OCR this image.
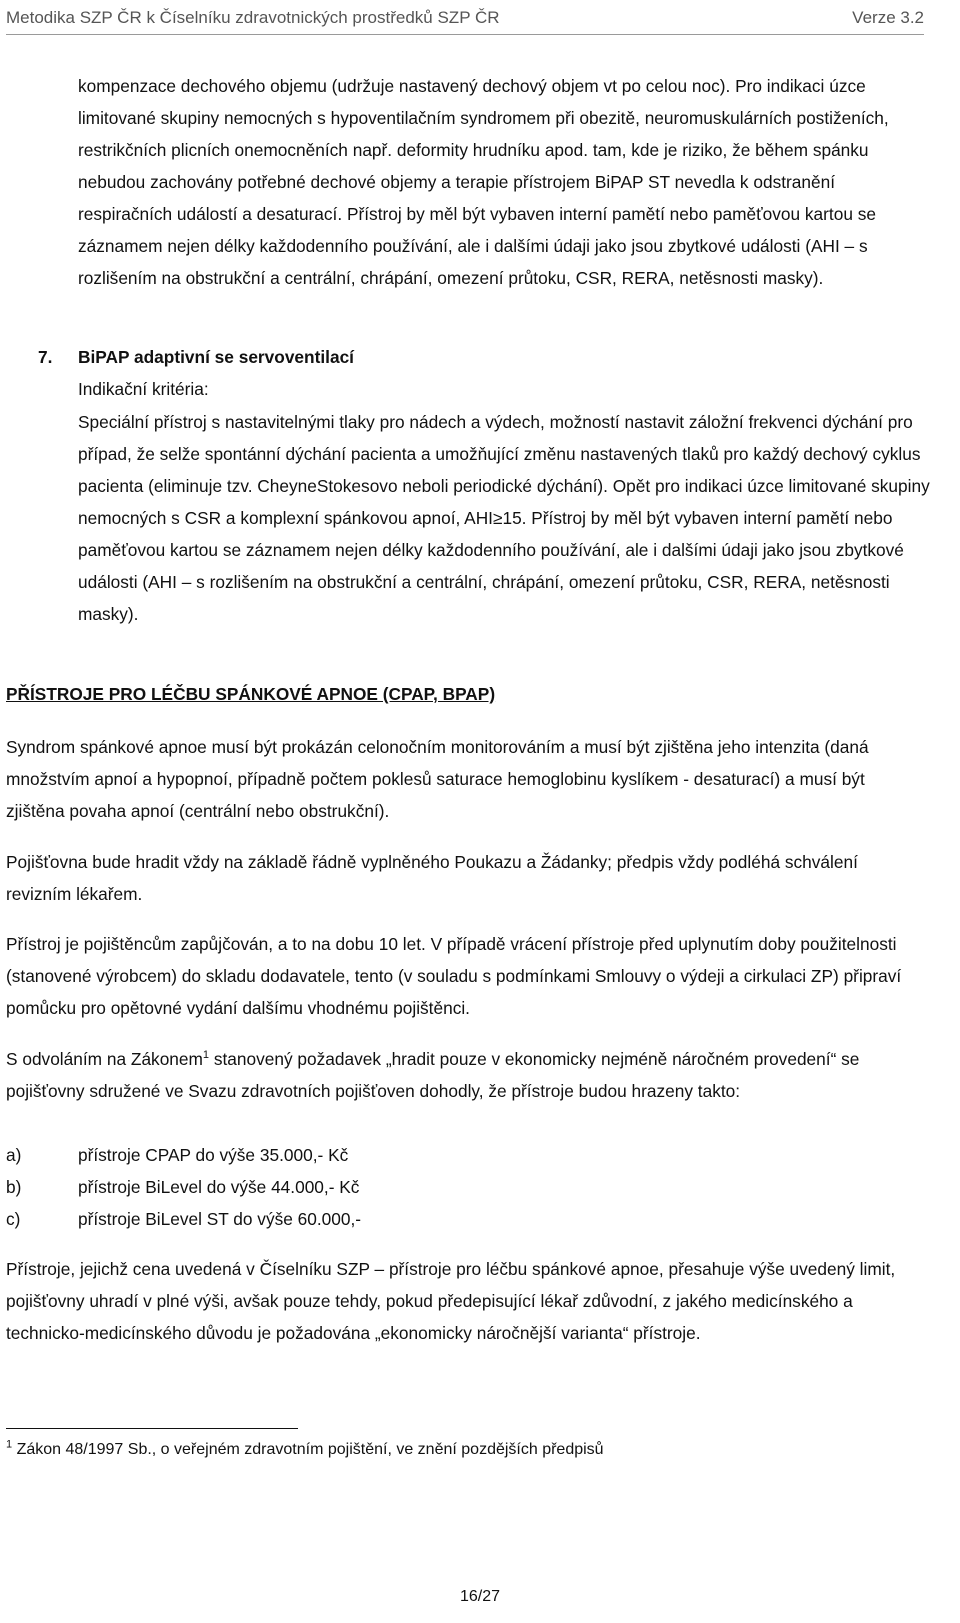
Metodika SZP ČR k Číselníku zdravotnických prostředků SZP ČR	Verze 3.2
kompenzace dechového objemu (udržuje nastavený dechový objem vt po celou noc). Pro indikaci úzce limitované skupiny nemocných s hypoventilačním syndromem při obezitě, neuromuskulárních postiženích, restrikčních plicních onemocněních např. deformity hrudníku apod. tam, kde je riziko, že během spánku nebudou zachovány potřebné dechové objemy a terapie přístrojem BiPAP ST nevedla k odstranění respiračních událostí a desaturací. Přístroj by měl být vybaven interní pamětí nebo paměťovou kartou se záznamem nejen délky každodenního používání, ale i dalšími údaji jako jsou zbytkové události (AHI – s rozlišením na obstrukční a centrální, chrápání, omezení průtoku, CSR, RERA, netěsnosti masky).
7. BiPAP adaptivní se servoventilací
Indikační kritéria:
Speciální přístroj s nastavitelnými tlaky pro nádech a výdech, možností nastavit záložní frekvenci dýchání pro případ, že selže spontánní dýchání pacienta a umožňující změnu nastavených tlaků pro každý dechový cyklus pacienta (eliminuje tzv. CheyneStokesovo neboli periodické dýchání). Opět pro indikaci úzce limitované skupiny nemocných s CSR a komplexní spánkovou apnoí, AHI≥15. Přístroj by měl být vybaven interní pamětí nebo paměťovou kartou se záznamem nejen délky každodenního používání, ale i dalšími údaji jako jsou zbytkové události (AHI – s rozlišením na obstrukční a centrální, chrápání, omezení průtoku, CSR, RERA, netěsnosti masky).
PŘÍSTROJE PRO LÉČBU SPÁNKOVÉ APNOE (CPAP, BPAP)
Syndrom spánkové apnoe musí být prokázán celonočním monitorováním a musí být zjištěna jeho intenzita (daná množstvím apnoí a hypopnoí, případně počtem poklesů saturace hemoglobinu kyslíkem - desaturací) a musí být zjištěna povaha apnoí (centrální nebo obstrukční).
Pojišťovna bude hradit vždy na základě řádně vyplněného Poukazu a Žádanky; předpis vždy podléhá schválení revizním lékařem.
Přístroj je pojištěncům zapůjčován, a to na dobu 10 let. V případě vrácení přístroje před uplynutím doby použitelnosti (stanovené výrobcem) do skladu dodavatele, tento (v souladu s podmínkami Smlouvy o výdeji a cirkulaci ZP) připraví pomůcku pro opětovné vydání dalšímu vhodnému pojištěnci.
S odvoláním na Zákonem$^1$ stanovený požadavek „hradit pouze v ekonomicky nejméně náročném provedení“ se pojišťovny sdružené ve Svazu zdravotních pojišťoven dohodly, že přístroje budou hrazeny takto:
a)	přístroje CPAP do výše 35.000,- Kč
b)	přístroje BiLevel do výše 44.000,- Kč
c)	přístroje BiLevel ST do výše 60.000,-
Přístroje, jejichž cena uvedená v Číselníku SZP – přístroje pro léčbu spánkové apnoe, přesahuje výše uvedený limit, pojišťovny uhradí v plné výši, avšak pouze tehdy, pokud předepisující lékař zdůvodní, z jakého medicínského a technicko-medicínského důvodu je požadována „ekonomicky náročnější varianta“ přístroje.
$^1$ Zákon 48/1997 Sb., o veřejném zdravotním pojištění, ve znění pozdějších předpisů
16/27
